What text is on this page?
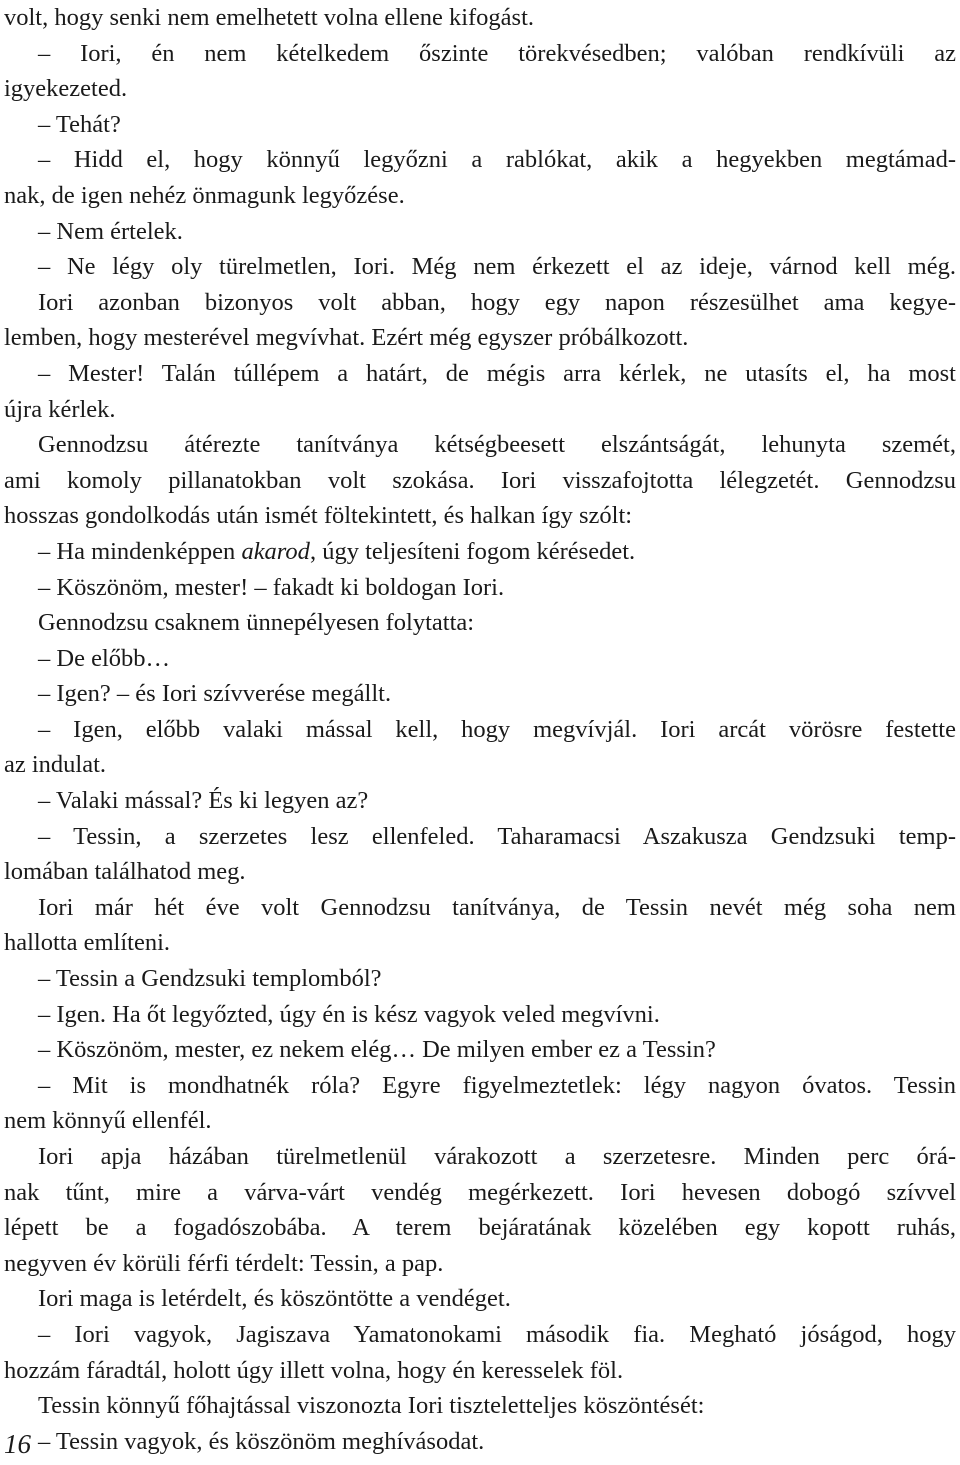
volt, hogy senki nem emelhetett volna ellene kifogást.
– Iori, én nem kételkedem őszinte törekvésedben; valóban rendkívüli az
igyekezeted.
– Tehát?
– Hidd el, hogy könnyű legyőzni a rablókat, akik a hegyekben megtámad-
nak, de igen nehéz önmagunk legyőzése.
– Nem értelek.
– Ne légy oly türelmetlen, Iori. Még nem érkezett el az ideje, várnod kell még.
Iori azonban bizonyos volt abban, hogy egy napon részesülhet ama kegye-
lemben, hogy mesterével megvívhat. Ezért még egyszer próbálkozott.
– Mester! Talán túllépem a határt, de mégis arra kérlek, ne utasíts el, ha most
újra kérlek.
Gennodzsu átérezte tanítványa kétségbeesett elszántságát, lehunyta szemét,
ami komoly pillanatokban volt szokása. Iori visszafojtotta lélegzetét. Gennodzsu
hosszas gondolkodás után ismét föltekintett, és halkan így szólt:
– Ha mindenképpen akarod, úgy teljesíteni fogom kérésedet.
– Köszönöm, mester! – fakadt ki boldogan Iori.
Gennodzsu csaknem ünnepélyesen folytatta:
– De előbb…
– Igen? – és Iori szívverése megállt.
– Igen, előbb valaki mással kell, hogy megvívjál. Iori arcát vörösre festette
az indulat.
– Valaki mással? És ki legyen az?
– Tessin, a szerzetes lesz ellenfeled. Taharamacsi Aszakusza Gendzsuki temp-
lomában találhatod meg.
Iori már hét éve volt Gennodzsu tanítványa, de Tessin nevét még soha nem
hallotta említeni.
– Tessin a Gendzsuki templomból?
– Igen. Ha őt legyőzted, úgy én is kész vagyok veled megvívni.
– Köszönöm, mester, ez nekem elég… De milyen ember ez a Tessin?
– Mit is mondhatnék róla? Egyre figyelmeztetlek: légy nagyon óvatos. Tessin
nem könnyű ellenfél.
Iori apja házában türelmetlenül várakozott a szerzetesre. Minden perc órá-
nak tűnt, mire a várva-várt vendég megérkezett. Iori hevesen dobogó szívvel
lépett be a fogadószobába. A terem bejáratának közelében egy kopott ruhás,
negyven év körüli férfi térdelt: Tessin, a pap.
Iori maga is letérdelt, és köszöntötte a vendéget.
– Iori vagyok, Jagiszava Yamatonokami második fia. Megható jóságod, hogy
hozzám fáradtál, holott úgy illett volna, hogy én keresselek föl.
Tessin könnyű főhajtással viszonozta Iori tiszteletteljes köszöntését:
– Tessin vagyok, és köszönöm meghívásodat.
16
